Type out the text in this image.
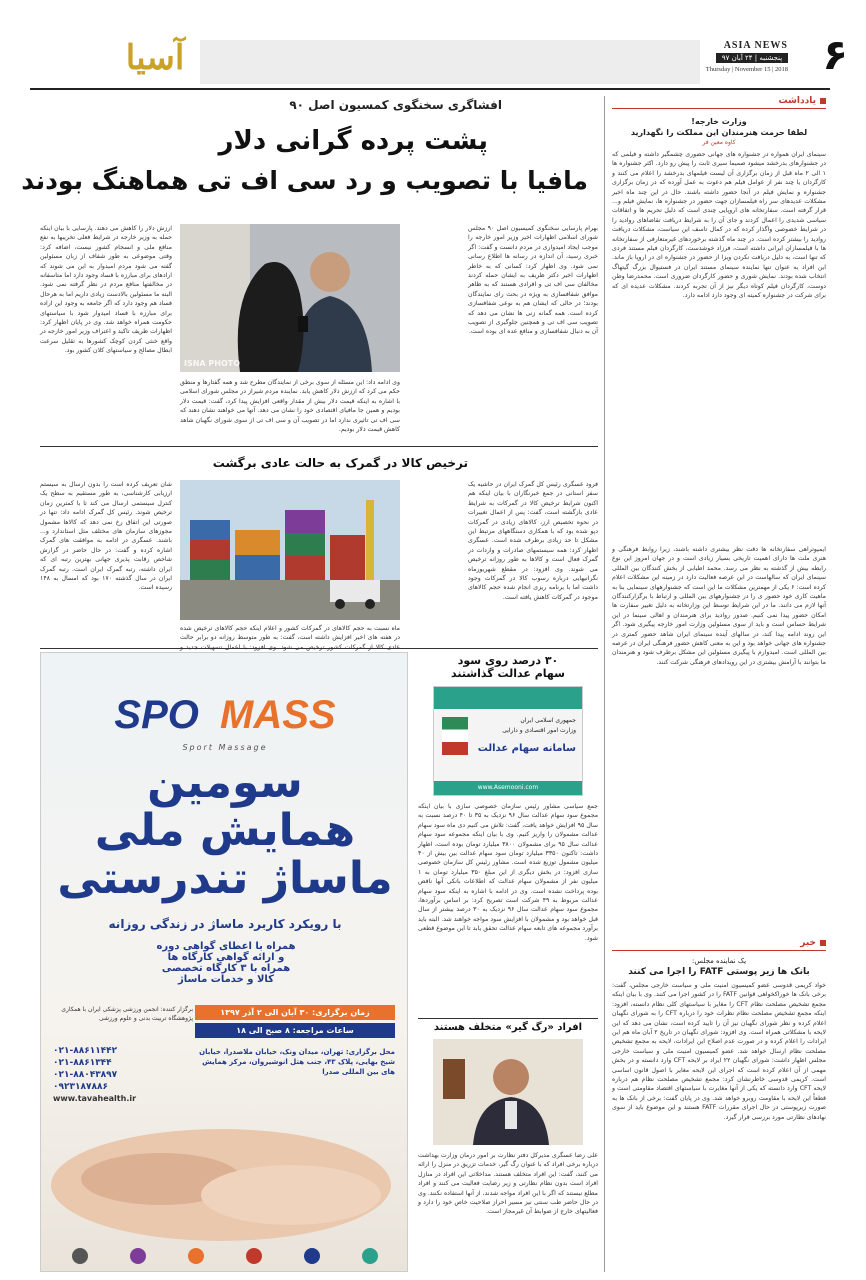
۶
ASIA NEWS
پنجشنبه | ۲۴ آبان ۹۷
Thursday | November 15 | 2018
آسیا
افشاگری سخنگوی کمسیون اصل ۹۰
پشت پرده گرانی دلار
مافیا با تصویب و رد سی اف تی هماهنگ بودند
ISNA PHOTO
بهرام پارسایی سخنگوی کمیسیون اصل ۹۰ مجلس شورای اسلامی اظهارات اخیر وزیر امور خارجه را موجب ایجاد امیدواری در مردم دانست و گفت: اگر خبری رسید، آن اندازه در رسانه ها اطلاع رسانی نمی شود. وی اظهار کرد: کسانی که به خاطر اظهارات اخیر دکتر ظریف به ایشان حمله کردند مخالفان سی اف تی و افرادی هستند که به ظاهر موافق شفافسازی به ویژه در بحث رای نمایندگان بودند؛ در حالی که ایشان هم به نوعی شفافسازی کرده است. همه گمانه زنی ها نشان می دهد که تصویب سی اف تی و همچنین جلوگیری از تصویب آن به دنبال شفافسازی و منافع عده ای بوده است.
وی ادامه داد: این مسئله از سوی برخی از نمایندگان مطرح شد و همه گفتارها و منطق حکم می کرد که ارزش دلار کاهش یابد. نماینده مردم شیراز در مجلس شورای اسلامی با اشاره به اینکه قیمت دلار بیش از مقدار واقعی افزایش پیدا کرد، گفت: قیمت دلار بودیم و همین جا مافیای اقتصادی خود را نشان می دهد. آنها می خواهند نشان دهند که سی اف تی تاثیری ندارد اما در تصویب آن و سی اف تی از سوی شورای نگهبان شاهد کاهش قیمت دلار بودیم.
ارزش دلار را کاهش می دهند. پارسایی با بیان اینکه حمله به وزیر خارجه در شرایط فعلی تخریبها به نفع منافع ملی و انسجام کشور نیست، اضافه کرد: وقتی موضوعی به طور شفاف از زبان مسئولین گفته می شود مردم امیدوار به این می شوند که ارادهای برای مبارزه با فساد وجود دارد اما متاسفانه در مخالفتها منافع مردم در نظر گرفته نمی شود. البته ما مسئولین بالادست زیادی داریم اما به هرحال فساد هم وجود دارد که اگر جامعه به وجود این اراده برای مبارزه با فساد امیدوار شود با سیاستهای حکومت همراه خواهد شد. وی در پایان اظهار کرد: اظهارات ظریف تاکید و اعتراف وزیر امور خارجه در واقع خنثی کردن کوچک کشورها به تقلیل سرعت ابطال مصالح و سیاستهای کلان کشور بود.
ترخیص کالا در گمرک به حالت عادی برگشت
فرود عسگری رئیس کل گمرک ایران در حاشیه یک سفر استانی در جمع خبرنگاران با بیان اینکه هم اکنون شرایط ترخیص کالا در گمرکات به شرایط عادی بازگشته است، گفت: پس از اعمال تغییرات در نحوه تخصیص ارز، کالاهای زیادی در گمرکات دپو شده بود که با همکاری دستگاههای مرتبط این مشکل تا حد زیادی برطرف شده است. عسگری اظهار کرد: همه سیستمهای صادرات و واردات در گمرک فعال است و کالاها به طور روزانه ترخیص می شوند. وی افزود: در مقطع شهریورماه نگرانیهایی درباره رسوب کالا در گمرکات وجود داشت اما با برنامه ریزی انجام شده حجم کالاهای موجود در گمرکات کاهش یافته است.
ماه نسبت به حجم کالاهای در گمرکات کشور و اعلام اینکه حجم کالاهای ترخیص شده در هفته های اخیر افزایش داشته است، گفت: به طور متوسط روزانه دو برابر حالت
شان تعریف کرده است را بدون ارسال به سیستم ارزیابی کارشناسی، به طور مستقیم به سطح یک کنترل سیستمی ارسال می کند تا با کمترین زمان ترخیص شوند. رئیس کل گمرک ادامه داد: تنها در صورتی این اتفاق رخ نمی دهد که کالاها مشمول مجوزهای سازمان های مختلف مثل استاندارد و... باشند. عسگری در ادامه به موافقت های گمرک اشاره کرده و گفت: در حال حاضر در گزارش شاخص رقابت پذیری جهانی بهترین رتبه ای که ایران داشته، رتبه گمرک ایران است. رتبه گمرک ایران در سال گذشته ۱۷۰ بود که امسال به ۱۴۸ رسیده است.
۳۰ درصد روی سود
سهام عدالت گذاشتند
جمهوری اسلامی ایران
وزارت امور اقتصادی و دارایی
سامانه سهام عدالت
www.Asemooni.com
جمع سیاسی مشاور رئیس سازمان خصوصی سازی با بیان اینکه مجموع سود سهام عدالت سال ۹۶ نزدیک به ۳۵ تا ۴۰ درصد نسبت به سال ۹۵ افزایش خواهد یافت، گفت: تلاش می کنیم دی ماه سود سهام عدالت مشمولان را واریز کنیم. وی با بیان اینکه مجموعه سود سهام عدالت سال ۹۵ برای مشمولان ۳۸۰۰ میلیارد تومان بوده است، اظهار داشت: تاکنون ۳۳۵۰ میلیارد تومان سود سهام عدالت بین بیش از ۴۰ میلیون مشمول توزیع شده است. مشاور رئیس کل سازمان خصوصی سازی افزود: در بخش دیگری از این مبلغ ۳۵۰ میلیارد تومان به ۱ میلیون نفر از مشمولان سهام عدالت که اطلاعات بانکی آنها ناقص بوده پرداخت نشده است. وی در ادامه با اشاره به اینکه سود سهام عدالت مربوط به ۴۹ شرکت است تصریح کرد: بر اساس برآوردها، مجموع سود سهام عدالت سال ۹۶ نزدیک به ۳۰ درصد بیشتر از سال قبل خواهد بود و مشمولان با افزایش سود مواجه خواهند شد. البته باید برآورد مجموعه های تابعه سهام عدالت تحقق یابد تا این موضوع قطعی شود.
افراد «رگ گیر» متخلف هستند
علی رضا عسگری مدیرکل دفتر نظارت بر امور درمان وزارت بهداشت درباره برخی افراد که با عنوان رگ گیر، خدمات تزریق در منزل را ارائه می کنند، گفت: این افراد متخلف هستند. مداخلاتی این افراد در منازل افراد است بدون نظام نظارتی و زیر رضایت فعالیت می کنند و افراد مطلع نیستند که اگر با این افراد مواجه شدند، از آنها استفاده نکنند. وی در حال حاضر طب سنتی نیز مسیر احراز صلاحیت خاص خود را دارد و فعالیتهای خارج از ضوابط آن غیرمجاز است.
SPO MASS
Sport Massage
سومین
همایش ملی
ماساژ تندرستی
با رویکرد کاربرد ماساژ در زندگی روزانه
همراه با اعطای گواهی دوره
و ارائه گواهی کارگاه ها
همراه با ۳ کارگاه تخصصی
کالا و خدمات ماساژ
زمان برگزاری: ۳۰ آبان الی ۲ آذر ۱۳۹۷
ساعات مراجعه: ۸ صبح الی ۱۸
برگزار کننده: انجمن ورزشی پزشکی ایران با همکاری پژوهشگاه تربیت بدنی و علوم ورزشی
محل برگزاری: تهران، میدان ونک، خیابان ملاصدرا، خیابان شیخ بهایی، پلاک ۴۳، جنب هتل انوشیروان، مرکز همایش های بین المللی صدرا
۰۲۱-۸۸۶۱۱۴۴۲
۰۲۱-۸۸۶۱۳۴۴
۰۲۱-۸۸۰۴۳۸۹۷
۰۹۲۳۱۸۷۸۸۶
www.tavahealth.ir
یادداشت
وزارت خارجه!
لطفا حرمت هنرمندان این مملکت را نگهدارید
کاوه معین فر
سینمای ایران همواره در جشنواره های جهانی حضوری چشمگیر داشته و فیلمی که در جشنوارهای بدرخشد میشود صمیما سیری ثابت را پیش رو دارد. اکثر جشنواره ها ۱ الی ۲ ماه قبل از زمان برگزاری آن لیست فیلمهای بدرخشد را اعلام می کنند و کارگردان یا چند نفر از عوامل فیلم هم دعوت به عمل آورده که در زمان برگزاری جشنواره و نمایش فیلم در آنجا حضور داشته باشند. حال در این چند ماه اخیر مشکلات عدیدهای سر راه فیلمسازان جهت حضور در جشنواره ها، نمایش فیلم و... قرار گرفته است. سفارتخانه های اروپایی چندی است که دلیل تحریم ها و اتفاقات سیاسی شدیدی را اعمال کردند و جای آن را به شرایط دریافت تقاضاهای روادید را در شرایط خصوصی واگذار کرده که در کمال تاسف این سیاست، مشکلات دریافت روادید را بیشتر کرده است. در چند ماه گذشته برخوردهای غیرمتعارفی از سفارتخانه ها با فیلمسازان ایرانی داشته است، فرزاد خوشدست، کارگردان فیلم مستند فردی که تنها است، به دلیل دریافت نکردن ویزا از حضور در جشنواره ای در اروپا باز ماند. این افراد به عنوان تنها نماینده سینمای مستند ایران در فستیوال بزرگ گیتهاگ انتخاب شده بودند. نمایش شوری و حضور کارگردان ضروری است. محمدرضا وطن دوست، کارگردان فیلم کوتاه دیگر نیز از آن تجربه کردند. مشکلات عدیده ای که برای شرکت در جشنواره کمیته ای وجود دارد ادامه دارد.
ایمیوتراهی سفارتخانه ها دقت نظر بیشتری داشته باشند، زیرا روابط فرهنگی و هنری ملت ها دارای اهمیت تاریخی بسیار زیادی است و در جهان امروز این نوع رابطه بیش از گذشته به نظر می رسد. محمد اطیابی از بخش کنندگان بین المللی سینمای ایران که سالهاست در این عرصه فعالیت دارد در زمینه این مشکلات اعلام کرده است: ۶ یکی از مهمترین مشکلات ما این است که جشنوارههای سینمایی بنا به ماهیت کاری خود حضور ی را در جشنوارههای بین المللی و ارتباط با برگزارکنندگان آنها لازم می دانند. ما در این شرایط توسط این وزارتخانه به دلیل تغییر سفارت ها امکان حضور پیدا نمی کنیم. صدور روادید برای هنرمندان و اهالی سینما در این شرایط حساس است و باید از سوی مسئولین وزارت امور خارجه پیگیری شود. اگر این روند ادامه پیدا کند، در سالهای آینده سینمای ایران شاهد حضور کمتری در جشنواره های جهانی خواهد بود و این به معنی کاهش حضور فرهنگی ایران در عرصه بین المللی است. امیدوارم با پیگیری مسئولین این مشکل برطرف شود و هنرمندان ما بتوانند با آرامش بیشتری در این رویدادهای فرهنگی شرکت کنند.
خبر
یک نماینده مجلس:
بانک ها زیر پوستی FATF را اجرا می کنند
خواد کریمی قدوسی عضو کمیسیون امنیت ملی و سیاست خارجی مجلس، گفت: برخی بانک ها خوراکخواهی قوانین FATF را در کشور اجرا می کنند. وی با بیان اینکه مجمع تشخیص مصلحت نظام CFT را مغایر با سیاستهای کلی نظام دانسته، افزود: اینکه مجمع تشخیص مصلحت نظام نظرات خود را درباره CFT را به شورای نگهبان اعلام کرده و نظر شورای نگهبان نیز آن را تایید کرده است، نشان می دهد که این لایحه با مشکلاتی همراه است. وی افزود: شورای نگهبان در تاریخ ۲ آبان ماه هم این ایرادات را اعلام کرده و در صورت عدم اصلاح این ایرادات، لایحه به مجمع تشخیص مصلحت نظام ارسال خواهد شد. عضو کمیسیون امنیت ملی و سیاست خارجی مجلس اظهار داشت: شورای نگهبان ۲۲ ایراد بر لایحه CFT وارد دانسته و در بخش مهمی از آن اعلام کرده است که اجرای این لایحه مغایر با اصول قانون اساسی است. کریمی قدوسی خاطرنشان کرد: مجمع تشخیص مصلحت نظام هم درباره لایحه CFT وارد دانسته که یکی از آنها مغایرت با سیاستهای اقتصاد مقاومتی است و قطعاً این لایحه با مقاومت روبرو خواهد شد. وی در پایان گفت: برخی از بانک ها به صورت زیرپوستی در حال اجرای مقررات FATF هستند و این موضوع باید از سوی نهادهای نظارتی مورد بررسی قرار گیرد.
